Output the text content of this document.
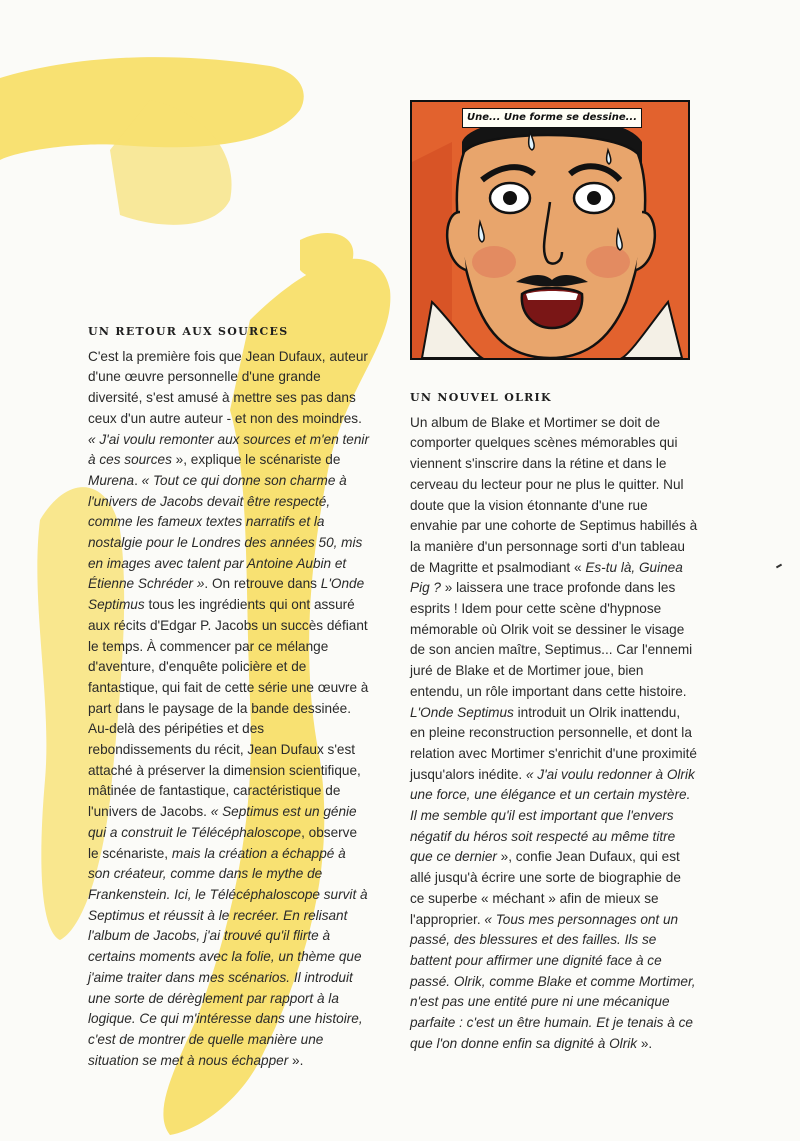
Une... Une forme se dessine...
UN RETOUR AUX SOURCES

C'est la première fois que Jean Dufaux, auteur d'une œuvre personnelle d'une grande diversité, s'est amusé à mettre ses pas dans ceux d'un autre auteur - et non des moindres. « J'ai voulu remonter aux sources et m'en tenir à ces sources », explique le scénariste de Murena. « Tout ce qui donne son charme à l'univers de Jacobs devait être respecté, comme les fameux textes narratifs et la nostalgie pour le Londres des années 50, mis en images avec talent par Antoine Aubin et Étienne Schréder ». On retrouve dans L'Onde Septimus tous les ingrédients qui ont assuré aux récits d'Edgar P. Jacobs un succès défiant le temps. À commencer par ce mélange d'aventure, d'enquête policière et de fantastique, qui fait de cette série une œuvre à part dans le paysage de la bande dessinée. Au-delà des péripéties et des rebondissements du récit, Jean Dufaux s'est attaché à préserver la dimension scientifique, mâtinée de fantastique, caractéristique de l'univers de Jacobs. « Septimus est un génie qui a construit le Télécéphaloscope, observe le scénariste, mais la création a échappé à son créateur, comme dans le mythe de Frankenstein. Ici, le Télécéphaloscope survit à Septimus et réussit à le recréer. En relisant l'album de Jacobs, j'ai trouvé qu'il flirte à certains moments avec la folie, un thème que j'aime traiter dans mes scénarios. Il introduit une sorte de dérèglement par rapport à la logique. Ce qui m'intéresse dans une histoire, c'est de montrer de quelle manière une situation se met à nous échapper ».

UN NOUVEL OLRIK

Un album de Blake et Mortimer se doit de comporter quelques scènes mémorables qui viennent s'inscrire dans la rétine et dans le cerveau du lecteur pour ne plus le quitter. Nul doute que la vision étonnante d'une rue envahie par une cohorte de Septimus habillés à la manière d'un personnage sorti d'un tableau de Magritte et psalmodiant « Es-tu là, Guinea Pig ? » laissera une trace profonde dans les esprits ! Idem pour cette scène d'hypnose mémorable où Olrik voit se dessiner le visage de son ancien maître, Septimus... Car l'ennemi juré de Blake et de Mortimer joue, bien entendu, un rôle important dans cette histoire. L'Onde Septimus introduit un Olrik inattendu, en pleine reconstruction personnelle, et dont la relation avec Mortimer s'enrichit d'une proximité jusqu'alors inédite. « J'ai voulu redonner à Olrik une force, une élégance et un certain mystère. Il me semble qu'il est important que l'envers négatif du héros soit respecté au même titre que ce dernier », confie Jean Dufaux, qui est allé jusqu'à écrire une sorte de biographie de ce superbe « méchant » afin de mieux se l'approprier. « Tous mes personnages ont un passé, des blessures et des failles. Ils se battent pour affirmer une dignité face à ce passé. Olrik, comme Blake et comme Mortimer, n'est pas une entité pure ni une mécanique parfaite : c'est un être humain. Et je tenais à ce que l'on donne enfin sa dignité à Olrik ».
